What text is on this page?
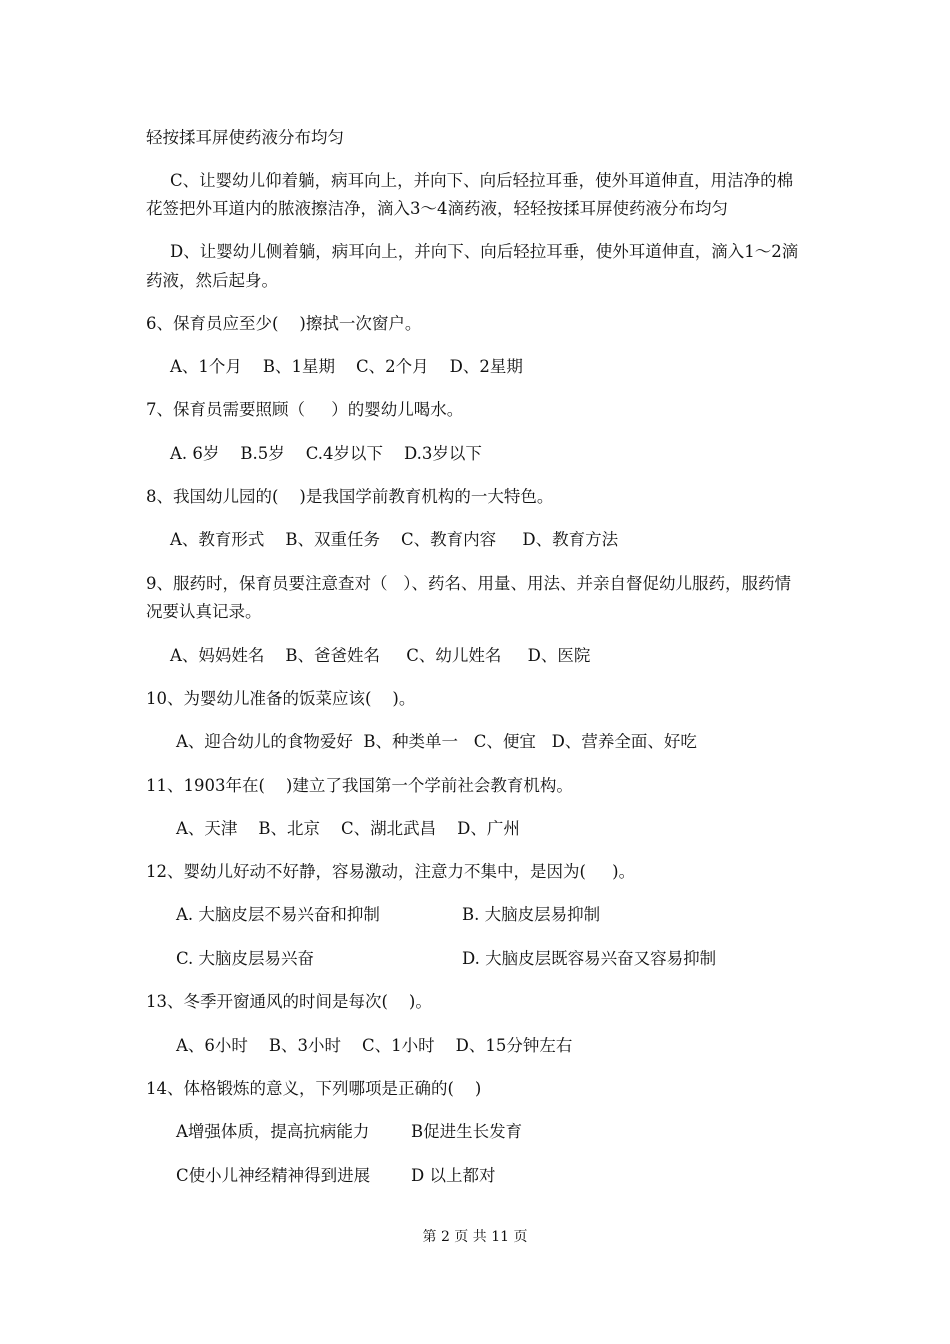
轻按揉耳屏使药液分布均匀
C、让婴幼儿仰着躺，病耳向上，并向下、向后轻拉耳垂，使外耳道伸直，用洁净的棉
花签把外耳道内的脓液擦洁净，滴入3～4滴药液，轻轻按揉耳屏使药液分布均匀
D、让婴幼儿侧着躺，病耳向上，并向下、向后轻拉耳垂，使外耳道伸直，滴入1～2滴
药液，然后起身。
6、保育员应至少(    )擦拭一次窗户。
A、1个月    B、1星期    C、2个月    D、2星期
7、保育员需要照顾（     ）的婴幼儿喝水。
A. 6岁    B.5岁    C.4岁以下    D.3岁以下
8、我国幼儿园的(    )是我国学前教育机构的一大特色。
A、教育形式    B、双重任务    C、教育内容     D、教育方法
9、服药时，保育员要注意查对（   ）、药名、用量、用法、并亲自督促幼儿服药，服药情
况要认真记录。
A、妈妈姓名    B、爸爸姓名     C、幼儿姓名     D、医院
10、为婴幼儿准备的饭菜应该(    )。
A、迎合幼儿的食物爱好  B、种类单一   C、便宜   D、营养全面、好吃
11、1903年在(    )建立了我国第一个学前社会教育机构。
A、天津    B、北京    C、湖北武昌    D、广州
12、婴幼儿好动不好静，容易激动，注意力不集中，是因为(     )。
A. 大脑皮层不易兴奋和抑制	B. 大脑皮层易抑制
C. 大脑皮层易兴奋	D. 大脑皮层既容易兴奋又容易抑制
13、冬季开窗通风的时间是每次(    )。
A、6小时    B、3小时    C、1小时    D、15分钟左右
14、体格锻炼的意义，下列哪项是正确的(    )
A增强体质，提高抗病能力	B促进生长发育
C使小儿神经精神得到进展 D 以上都对
第 2 页 共 11 页
